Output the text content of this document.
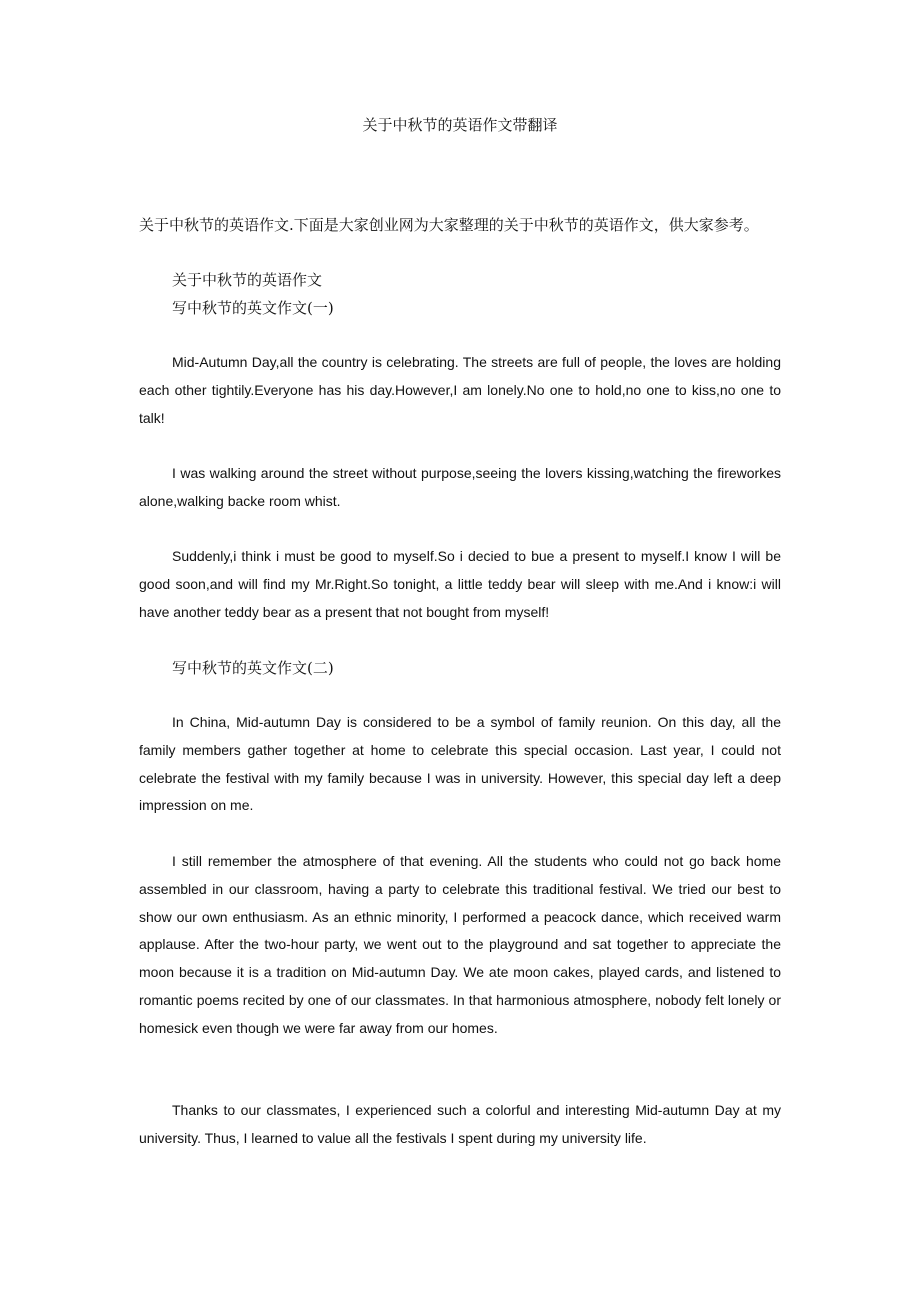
关于中秋节的英语作文带翻译
关于中秋节的英语作文.下面是大家创业网为大家整理的关于中秋节的英语作文，供大家参考。
关于中秋节的英语作文
写中秋节的英文作文(一)

Mid-Autumn Day,all the country is celebrating. The streets are full of people, the loves are holding each other tightily.Everyone has his day.However,I am lonely.No one to hold,no one to kiss,no one to talk!

I was walking around the street without purpose,seeing the lovers kissing,watching the fireworkes alone,walking backe room whist.

Suddenly,i think i must be good to myself.So i decied to bue a present to myself.I know I will be good soon,and will find my Mr.Right.So tonight, a little teddy bear will sleep with me.And i know:i will have another teddy bear as a present that not bought from myself!

写中秋节的英文作文(二)

In China, Mid-autumn Day is considered to be a symbol of family reunion. On this day, all the family members gather together at home to celebrate this special occasion. Last year, I could not celebrate the festival with my family because I was in university. However, this special day left a deep impression on me.

I still remember the atmosphere of that evening. All the students who could not go back home assembled in our classroom, having a party to celebrate this traditional festival. We tried our best to show our own enthusiasm. As an ethnic minority, I performed a peacock dance, which received warm applause. After the two-hour party, we went out to the playground and sat together to appreciate the moon because it is a tradition on Mid-autumn Day. We ate moon cakes, played cards, and listened to romantic poems recited by one of our classmates. In that harmonious atmosphere, nobody felt lonely or homesick even though we were far away from our homes.

Thanks to our classmates, I experienced such a colorful and interesting Mid-autumn Day at my university. Thus, I learned to value all the festivals I spent during my university life.
